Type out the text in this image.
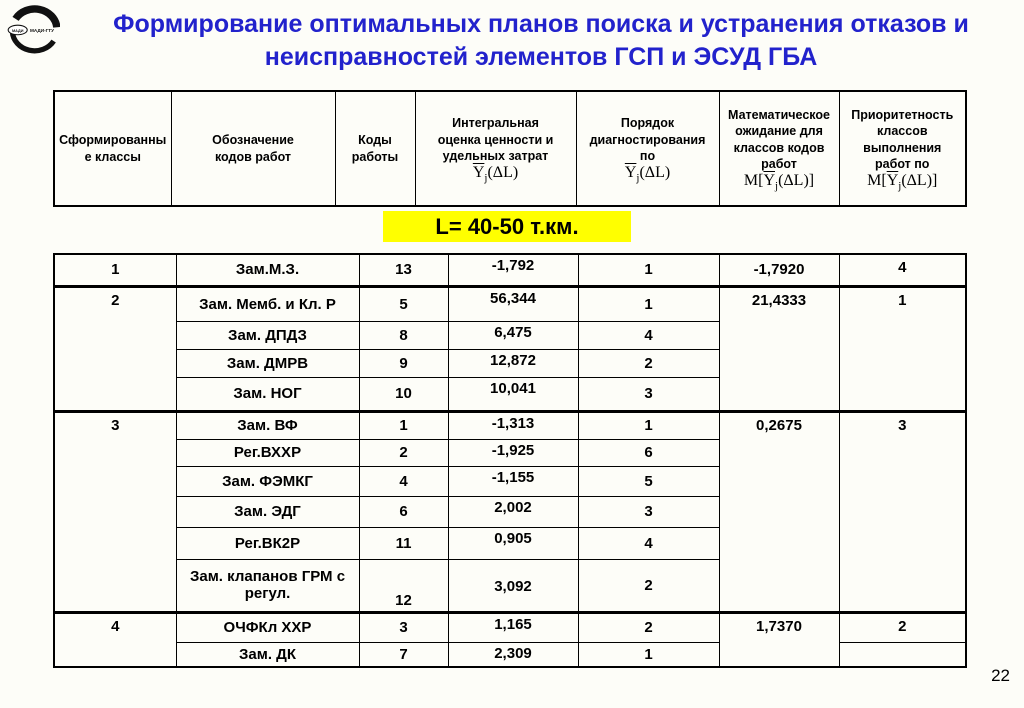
МАДИ МАДИ-ГТУ	Формирование оптимальных планов поиска и устранения отказов и неисправностей элементов ГСП и ЭСУД ГБА
Сформированны
е классы

Обозначение
кодов работ

Коды
работы

Интегральная
оценка ценности и
удельных затрат
$\overline{Y}_j(\Delta L)$

Порядок
диагностирования
по
$\overline{Y}_j(\Delta L)$

Математическое
ожидание для
классов кодов
работ
$M[\overline{Y}_j(\Delta L)]$

Приоритетность
классов
выполнения
работ по
$M[\overline{Y}_j(\Delta L)]$
L= 40-50 т.км.
1	Зам.М.З.	13	-1,792	1	-1,7920	4
2	Зам. Мемб. и Кл. Р	5	56,344	1	21,4333	1
	Зам. ДПДЗ	8	6,475	4		
	Зам. ДМРВ	9	12,872	2		
	Зам. НОГ	10	10,041	3		
3	Зам. ВФ	1	-1,313	1	0,2675	3
	Рег.ВХХР	2	-1,925	6		
	Зам. ФЭМКГ	4	-1,155	5		
	Зам. ЭДГ	6	2,002	3		
	Рег.ВК2Р	11	0,905	4		
	Зам. клапанов ГРМ с регул.	12	3,092	2		
4	ОЧФКл ХХР	3	1,165	2	1,7370	2
	Зам. ДК	7	2,309	1		
22
